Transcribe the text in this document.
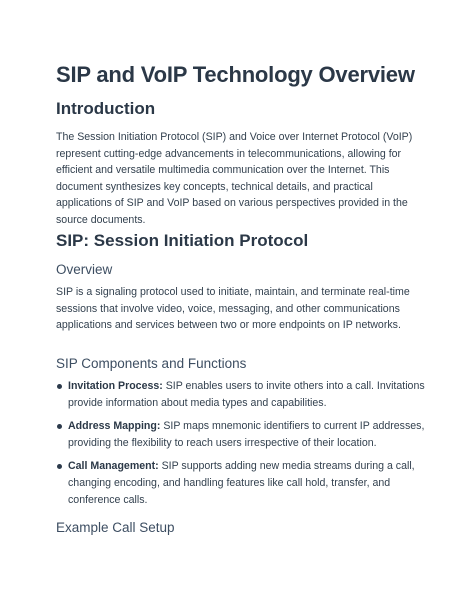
SIP and VoIP Technology Overview
Introduction

The Session Initiation Protocol (SIP) and Voice over Internet Protocol (VoIP) represent cutting-edge advancements in telecommunications, allowing for efficient and versatile multimedia communication over the Internet. This document synthesizes key concepts, technical details, and practical applications of SIP and VoIP based on various perspectives provided in the source documents.

SIP: Session Initiation Protocol
Overview

SIP is a signaling protocol used to initiate, maintain, and terminate real-time sessions that involve video, voice, messaging, and other communications applications and services between two or more endpoints on IP networks.

SIP Components and Functions
Invitation Process: SIP enables users to invite others into a call. Invitations provide information about media types and capabilities.
Address Mapping: SIP maps mnemonic identifiers to current IP addresses, providing the flexibility to reach users irrespective of their location.
Call Management: SIP supports adding new media streams during a call, changing encoding, and handling features like call hold, transfer, and conference calls.
Example Call Setup
